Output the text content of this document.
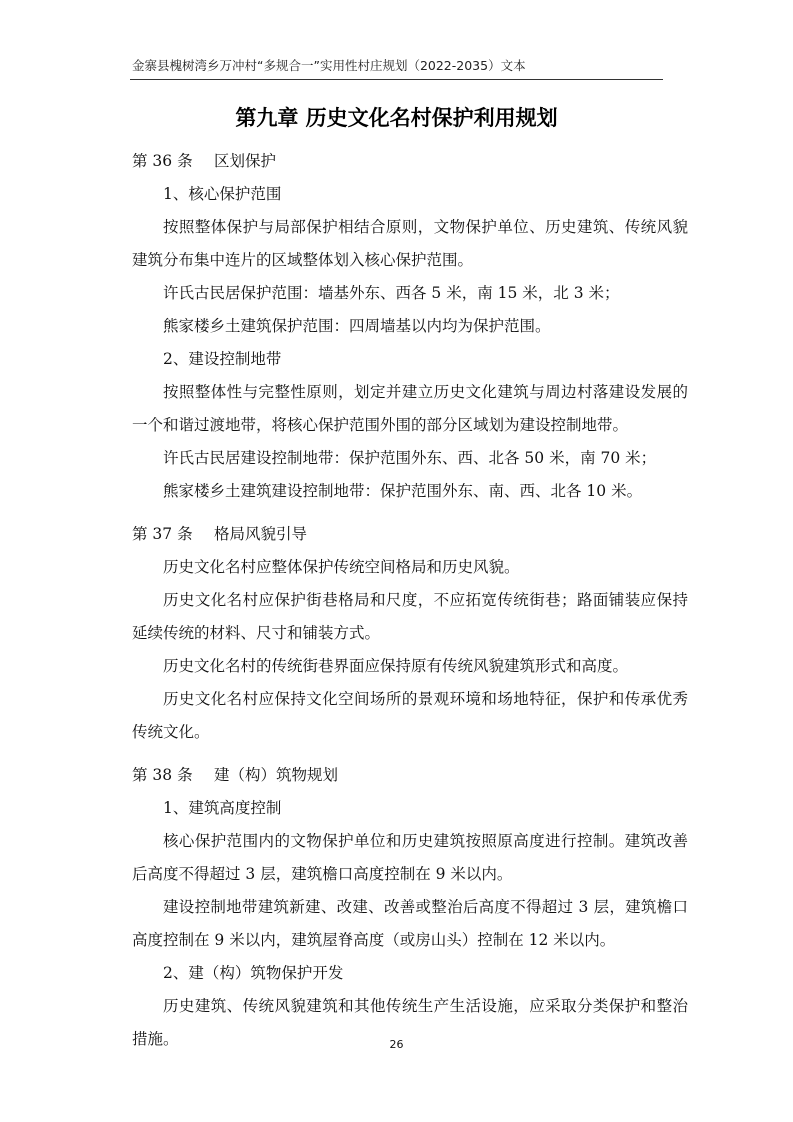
金寨县槐树湾乡万冲村“多规合一”实用性村庄规划（2022-2035）文本
第九章 历史文化名村保护利用规划
第 36 条	区划保护

1、核心保护范围

按照整体保护与局部保护相结合原则，文物保护单位、历史建筑、传统风貌建筑分布集中连片的区域整体划入核心保护范围。

许氏古民居保护范围：墙基外东、西各 5 米，南 15 米，北 3 米；

熊家楼乡土建筑保护范围：四周墙基以内均为保护范围。

2、建设控制地带

按照整体性与完整性原则，划定并建立历史文化建筑与周边村落建设发展的一个和谐过渡地带，将核心保护范围外围的部分区域划为建设控制地带。

许氏古民居建设控制地带：保护范围外东、西、北各 50 米，南 70 米；

熊家楼乡土建筑建设控制地带：保护范围外东、南、西、北各 10 米。

第 37 条	格局风貌引导

历史文化名村应整体保护传统空间格局和历史风貌。

历史文化名村应保护街巷格局和尺度，不应拓宽传统街巷；路面铺装应保持延续传统的材料、尺寸和铺装方式。

历史文化名村的传统街巷界面应保持原有传统风貌建筑形式和高度。

历史文化名村应保持文化空间场所的景观环境和场地特征，保护和传承优秀传统文化。

第 38 条	建（构）筑物规划

1、建筑高度控制

核心保护范围内的文物保护单位和历史建筑按照原高度进行控制。建筑改善后高度不得超过 3 层，建筑檐口高度控制在 9 米以内。

建设控制地带建筑新建、改建、改善或整治后高度不得超过 3 层，建筑檐口高度控制在 9 米以内，建筑屋脊高度（或房山头）控制在 12 米以内。

2、建（构）筑物保护开发

历史建筑、传统风貌建筑和其他传统生产生活设施，应采取分类保护和整治措施。	26
